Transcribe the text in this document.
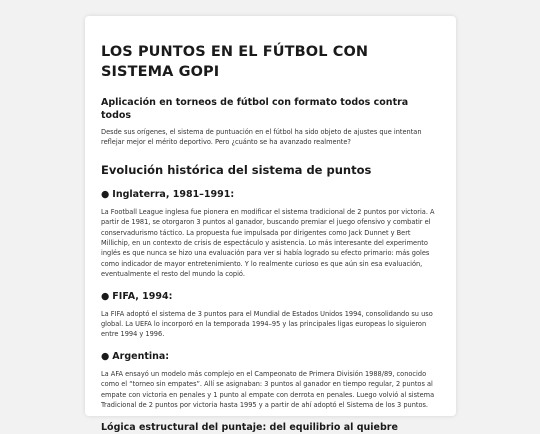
LOS PUNTOS EN EL FÚTBOL CON SISTEMA GOPI
Aplicación en torneos de fútbol con formato todos contra todos

Desde sus orígenes, el sistema de puntuación en el fútbol ha sido objeto de ajustes que intentan reflejar mejor el mérito deportivo. Pero ¿cuánto se ha avanzado realmente?

Evolución histórica del sistema de puntos
● Inglaterra, 1981–1991:

La Football League inglesa fue pionera en modificar el sistema tradicional de 2 puntos por victoria. A partir de 1981, se otorgaron 3 puntos al ganador, buscando premiar el juego ofensivo y combatir el conservadurismo táctico. La propuesta fue impulsada por dirigentes como Jack Dunnet y Bert Millichip, en un contexto de crisis de espectáculo y asistencia. Lo más interesante del experimento inglés es que nunca se hizo una evaluación para ver si había logrado su efecto primario: más goles como indicador de mayor entretenimiento. Y lo realmente curioso es que aún sin esa evaluación, eventualmente el resto del mundo la copió.

● FIFA, 1994:

La FIFA adoptó el sistema de 3 puntos para el Mundial de Estados Unidos 1994, consolidando su uso global. La UEFA lo incorporó en la temporada 1994–95 y las principales ligas europeas lo siguieron entre 1994 y 1996.

● Argentina:

La AFA ensayó un modelo más complejo en el Campeonato de Primera División 1988/89, conocido como el “torneo sin empates”. Allí se asignaban: 3 puntos al ganador en tiempo regular, 2 puntos al empate con victoria en penales y 1 punto al empate con derrota en penales. Luego volvió al sistema Tradicional de 2 puntos por victoria hasta 1995 y a partir de ahí adoptó el Sistema de los 3 puntos.

Lógica estructural del puntaje: del equilibrio al quiebre
